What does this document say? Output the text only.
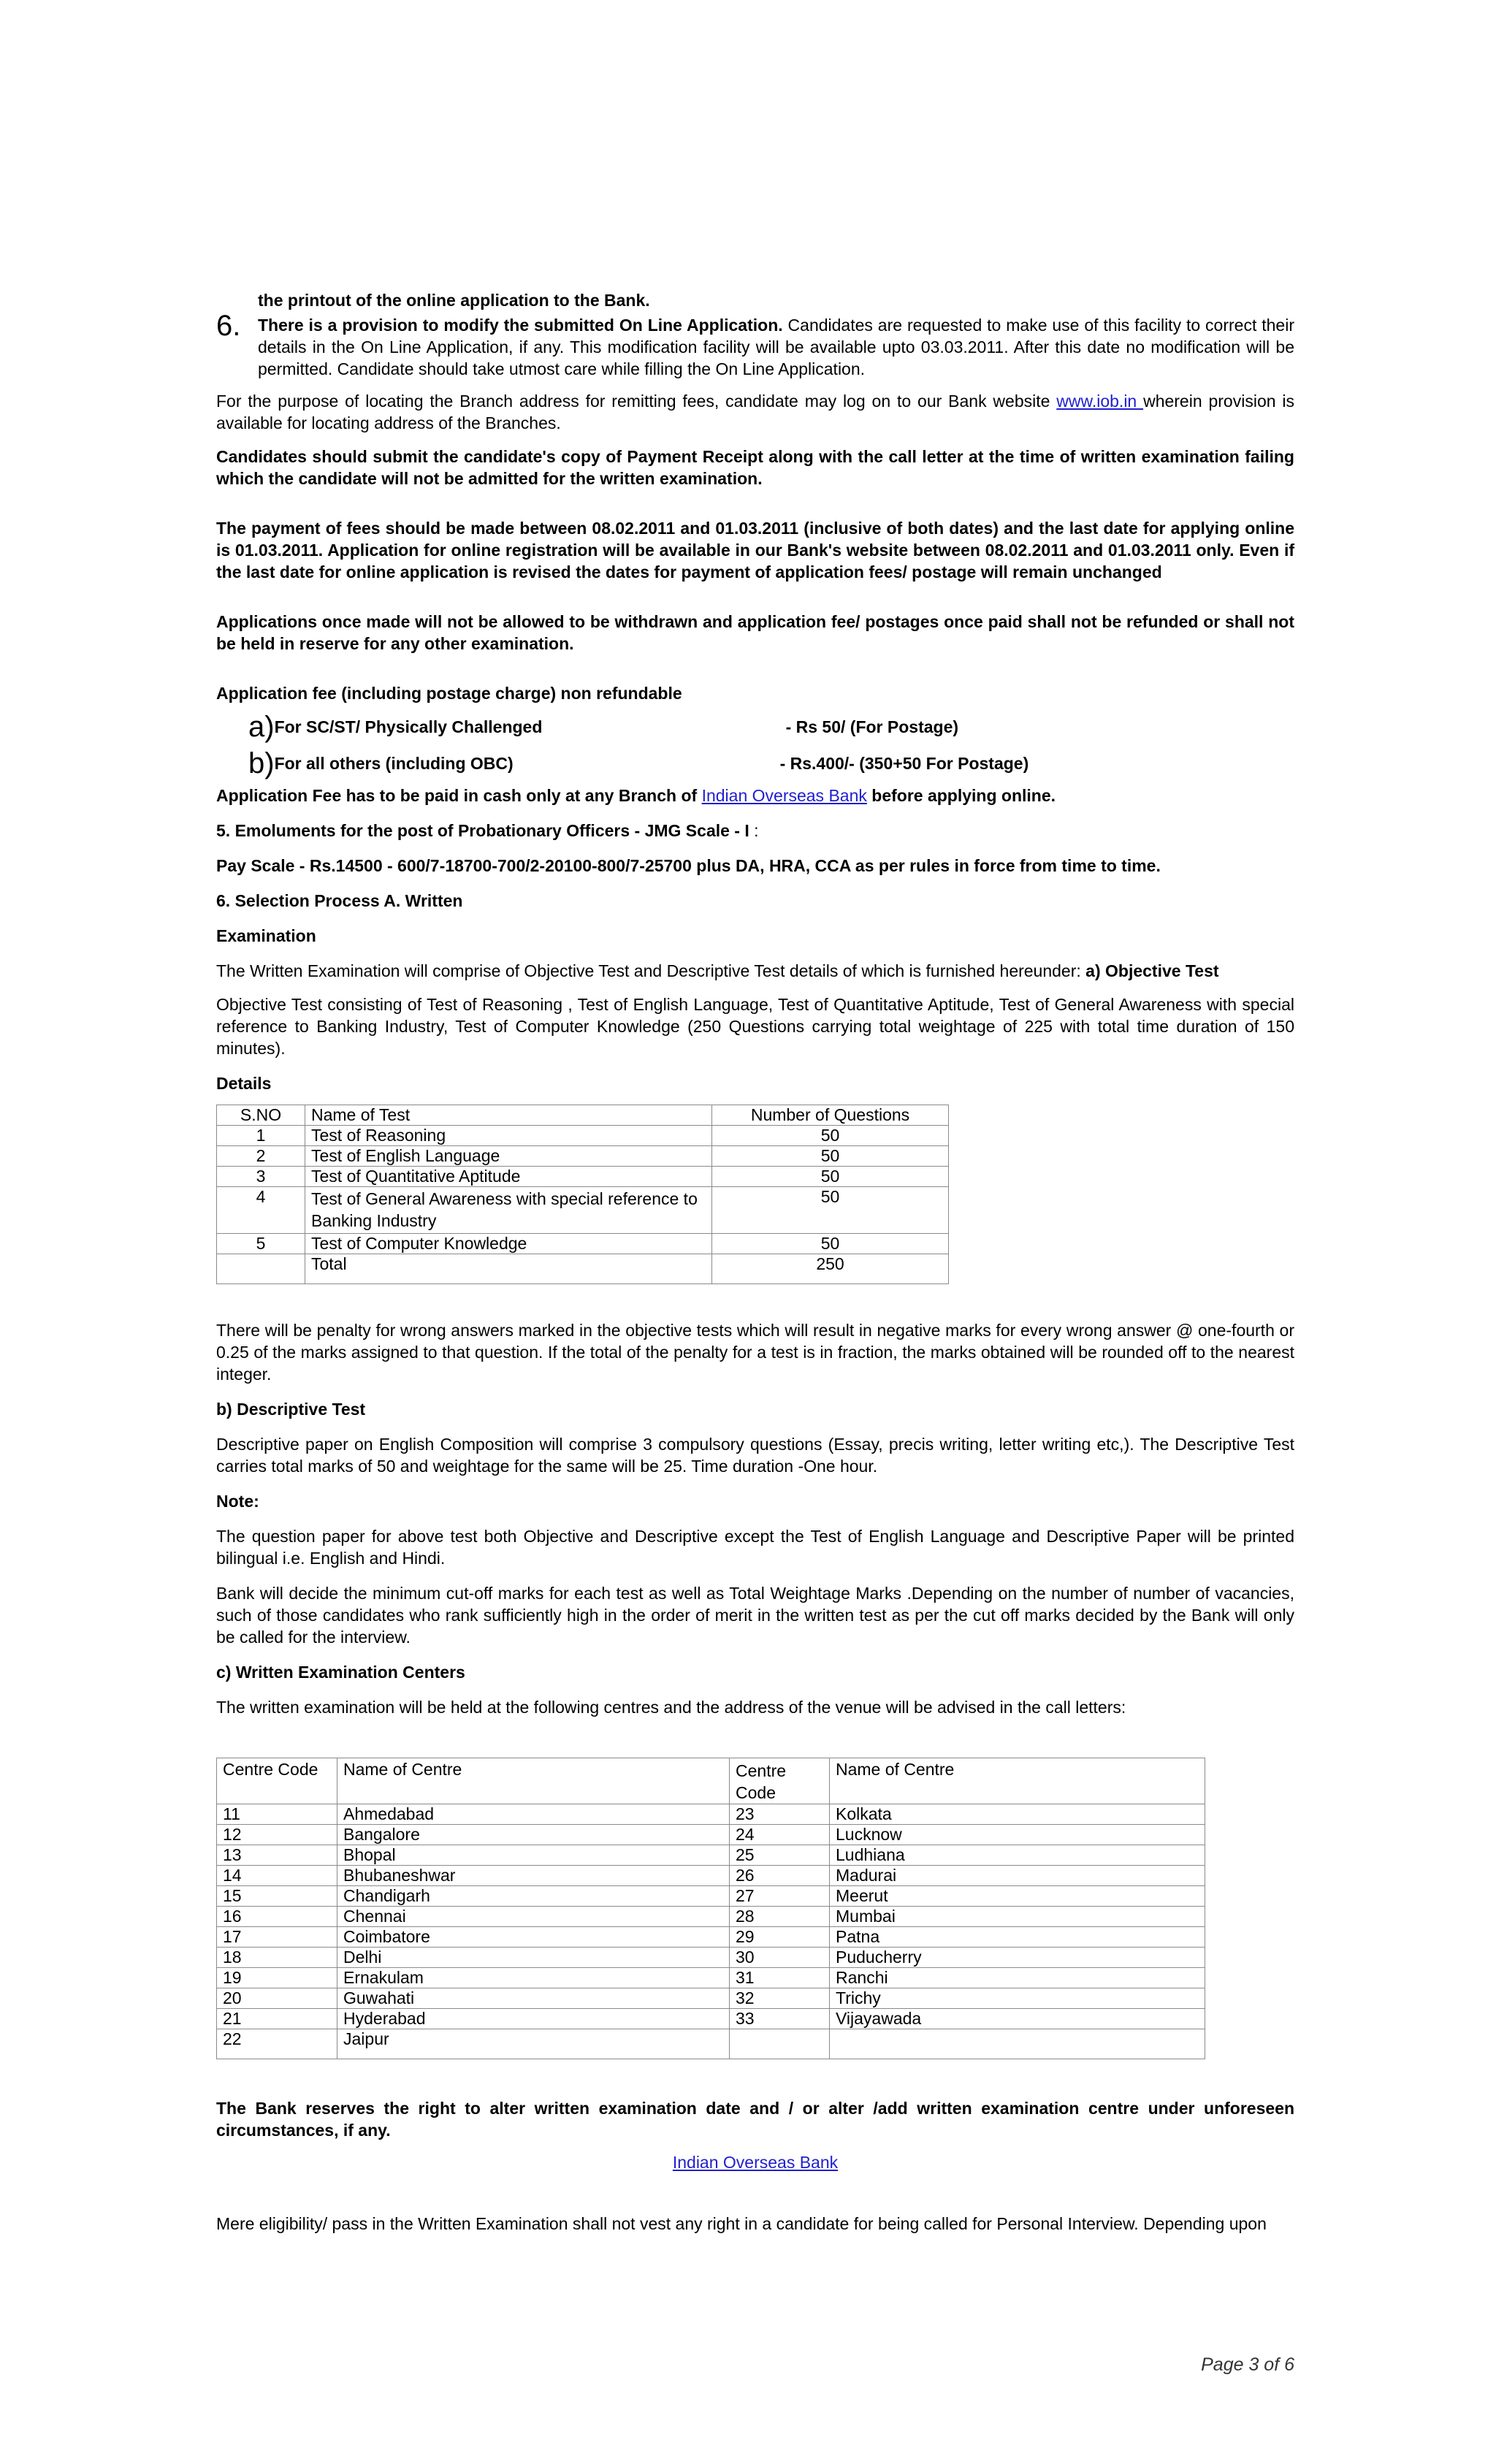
the printout of the online application to the Bank.

6. There is a provision to modify the submitted On Line Application. Candidates are requested to make use of this facility to correct their details in the On Line Application, if any. This modification facility will be available upto 03.03.2011. After this date no modification will be permitted. Candidate should take utmost care while filling the On Line Application.

For the purpose of locating the Branch address for remitting fees, candidate may log on to our Bank website www.iob.in wherein provision is available for locating address of the Branches.

Candidates should submit the candidate's copy of Payment Receipt along with the call letter at the time of written examination failing which the candidate will not be admitted for the written examination.

The payment of fees should be made between 08.02.2011 and 01.03.2011 (inclusive of both dates) and the last date for applying online is 01.03.2011. Application for online registration will be available in our Bank's website between 08.02.2011 and 01.03.2011 only. Even if the last date for online application is revised the dates for payment of application fees/ postage will remain unchanged

Applications once made will not be allowed to be withdrawn and application fee/ postages once paid shall not be refunded or shall not be held in reserve for any other examination.

Application fee (including postage charge) non refundable

a) For SC/ST/ Physically Challenged	- Rs 50/ (For Postage)
b) For all others (including OBC)	- Rs.400/- (350+50 For Postage)

Application Fee has to be paid in cash only at any Branch of Indian Overseas Bank before applying online.

5. Emoluments for the post of Probationary Officers - JMG Scale - I :

Pay Scale - Rs.14500 - 600/7-18700-700/2-20100-800/7-25700 plus DA, HRA, CCA as per rules in force from time to time.

6. Selection Process A. Written

Examination

The Written Examination will comprise of Objective Test and Descriptive Test details of which is furnished hereunder: a) Objective Test

Objective Test consisting of Test of Reasoning , Test of English Language, Test of Quantitative Aptitude, Test of General Awareness with special reference to Banking Industry, Test of Computer Knowledge (250 Questions carrying total weightage of 225 with total time duration of 150 minutes).

Details

S.NO	Name of Test	Number of Questions
1	Test of Reasoning	50
2	Test of English Language	50
3	Test of Quantitative Aptitude	50
4	Test of General Awareness with special reference to Banking Industry	50
5	Test of Computer Knowledge	50
	Total	250

There will be penalty for wrong answers marked in the objective tests which will result in negative marks for every wrong answer @ one-fourth or 0.25 of the marks assigned to that question. If the total of the penalty for a test is in fraction, the marks obtained will be rounded off to the nearest integer.

b) Descriptive Test

Descriptive paper on English Composition will comprise 3 compulsory questions (Essay, precis writing, letter writing etc,). The Descriptive Test carries total marks of 50 and weightage for the same will be 25. Time duration -One hour.

Note:

The question paper for above test both Objective and Descriptive except the Test of English Language and Descriptive Paper will be printed bilingual i.e. English and Hindi.

Bank will decide the minimum cut-off marks for each test as well as Total Weightage Marks .Depending on the number of number of vacancies, such of those candidates who rank sufficiently high in the order of merit in the written test as per the cut off marks decided by the Bank will only be called for the interview.

c) Written Examination Centers

The written examination will be held at the following centres and the address of the venue will be advised in the call letters:

Centre Code	Name of Centre	Centre Code	Name of Centre
11	Ahmedabad	23	Kolkata
12	Bangalore	24	Lucknow
13	Bhopal	25	Ludhiana
14	Bhubaneshwar	26	Madurai
15	Chandigarh	27	Meerut
16	Chennai	28	Mumbai
17	Coimbatore	29	Patna
18	Delhi	30	Puducherry
19	Ernakulam	31	Ranchi
20	Guwahati	32	Trichy
21	Hyderabad	33	Vijayawada
22	Jaipur		

The Bank reserves the right to alter written examination date and / or alter /add written examination centre under unforeseen circumstances, if any.

Indian Overseas Bank

Mere eligibility/ pass in the Written Examination shall not vest any right in a candidate for being called for Personal Interview. Depending upon

Page 3 of 6
